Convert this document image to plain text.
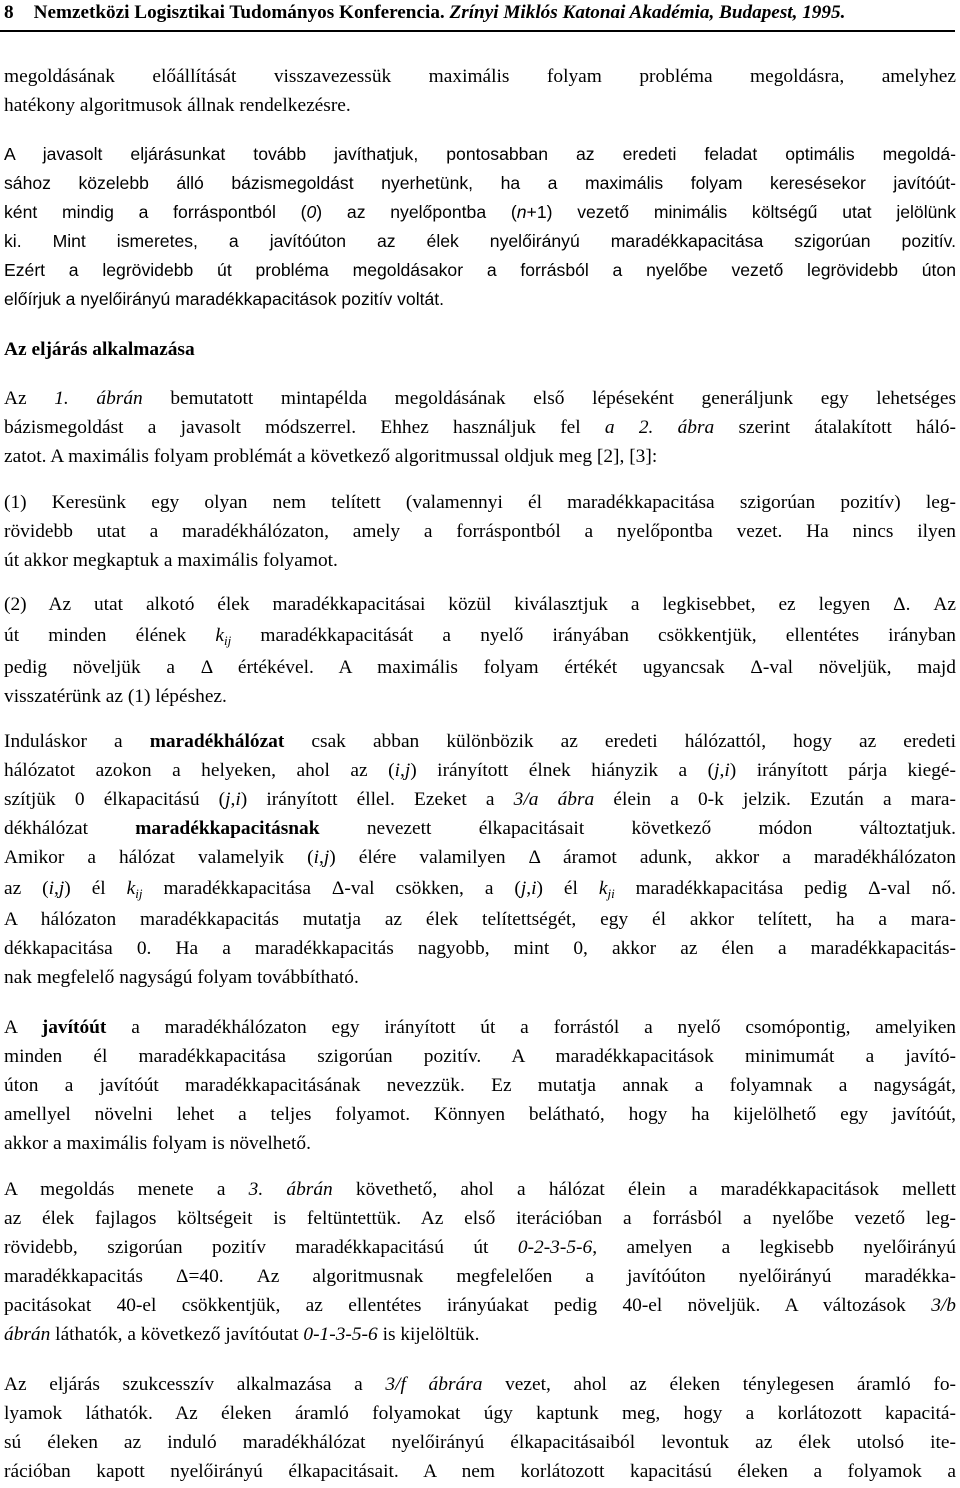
8 Nemzetközi Logisztikai Tudományos Konferencia. Zrínyi Miklós Katonai Akadémia, Budapest, 1995.
megoldásának előállítását visszavezessük maximális folyam probléma megoldásra, amelyhez
hatékony algoritmusok állnak rendelkezésre.
A javasolt eljárásunkat tovább javíthatjuk, pontosabban az eredeti feladat optimális megoldá-
sához közelebb álló bázismegoldást nyerhetünk, ha a maximális folyam keresésekor javítóút-
ként mindig a forráspontból (0) az nyelőpontba (n+1) vezető minimális költségű utat jelölünk
ki. Mint ismeretes, a javítóúton az élek nyelőirányú maradékkapacitása szigorúan pozitív.
Ezért a legrövidebb út probléma megoldásakor a forrásból a nyelőbe vezető legrövidebb úton
előírjuk a nyelőirányú maradékkapacitások pozitív voltát.
Az eljárás alkalmazása
Az 1. ábrán bemutatott mintapélda megoldásának első lépéseként generáljunk egy lehetséges
bázismegoldást a javasolt módszerrel. Ehhez használjuk fel a 2. ábra szerint átalakított háló-
zatot. A maximális folyam problémát a következő algoritmussal oldjuk meg [2], [3]:
(1) Keresünk egy olyan nem telített (valamennyi él maradékkapacitása szigorúan pozitív) leg-
rövidebb utat a maradékhálózaton, amely a forráspontból a nyelőpontba vezet. Ha nincs ilyen
út akkor megkaptuk a maximális folyamot.
(2) Az utat alkotó élek maradékkapacitásai közül kiválasztjuk a legkisebbet, ez legyen Δ. Az
út minden élének $k_{ij}$ maradékkapacitását a nyelő irányában csökkentjük, ellentétes irányban
pedig növeljük a Δ értékével. A maximális folyam értékét ugyancsak Δ-val növeljük, majd
visszatérünk az (1) lépéshez.
Induláskor a maradékhálózat csak abban különbözik az eredeti hálózattól, hogy az eredeti
hálózatot azokon a helyeken, ahol az (i,j) irányított élnek hiányzik a (j,i) irányított párja kiegé-
szítjük 0 élkapacitású (j,i) irányított éllel. Ezeket a 3/a ábra élein a 0-k jelzik. Ezután a mara-
dékhálózat maradékkapacitásnak nevezett élkapacitásait következő módon változtatjuk.
Amikor a hálózat valamelyik (i,j) élére valamilyen Δ áramot adunk, akkor a maradékhálózaton
az (i,j) él $k_{ij}$ maradékkapacitása Δ-val csökken, a (j,i) él $k_{ji}$ maradékkapacitása pedig Δ-val nő.
A hálózaton maradékkapacitás mutatja az élek telítettségét, egy él akkor telített, ha a mara-
dékkapacitása 0. Ha a maradékkapacitás nagyobb, mint 0, akkor az élen a maradékkapacitás-
nak megfelelő nagyságú folyam továbbítható.
A javítóút a maradékhálózaton egy irányított út a forrástól a nyelő csomópontig, amelyiken
minden él maradékkapacitása szigorúan pozitív. A maradékkapacitások minimumát a javító-
úton a javítóút maradékkapacitásának nevezzük. Ez mutatja annak a folyamnak a nagyságát,
amellyel növelni lehet a teljes folyamot. Könnyen belátható, hogy ha kijelölhető egy javítóút,
akkor a maximális folyam is növelhető.
A megoldás menete a 3. ábrán követhető, ahol a hálózat élein a maradékkapacitások mellett
az élek fajlagos költségeit is feltüntettük. Az első iterációban a forrásból a nyelőbe vezető leg-
rövidebb, szigorúan pozitív maradékkapacitású út 0-2-3-5-6, amelyen a legkisebb nyelőirányú
maradékkapacitás Δ=40. Az algoritmusnak megfelelően a javítóúton nyelőirányú maradékka-
pacitásokat 40-el csökkentjük, az ellentétes irányúakat pedig 40-el növeljük. A változások 3/b
ábrán láthatók, a következő javítóutat 0-1-3-5-6 is kijelöltük.
Az eljárás szukcesszív alkalmazása a 3/f ábrára vezet, ahol az éleken ténylegesen áramló fo-
lyamok láthatók. Az éleken áramló folyamokat úgy kaptunk meg, hogy a korlátozott kapacitá-
sú éleken az induló maradékhálózat nyelőirányú élkapacitásaiból levontuk az élek utolsó ite-
rációban kapott nyelőirányú élkapacitásait. A nem korlátozott kapacitású éleken a folyamok a
